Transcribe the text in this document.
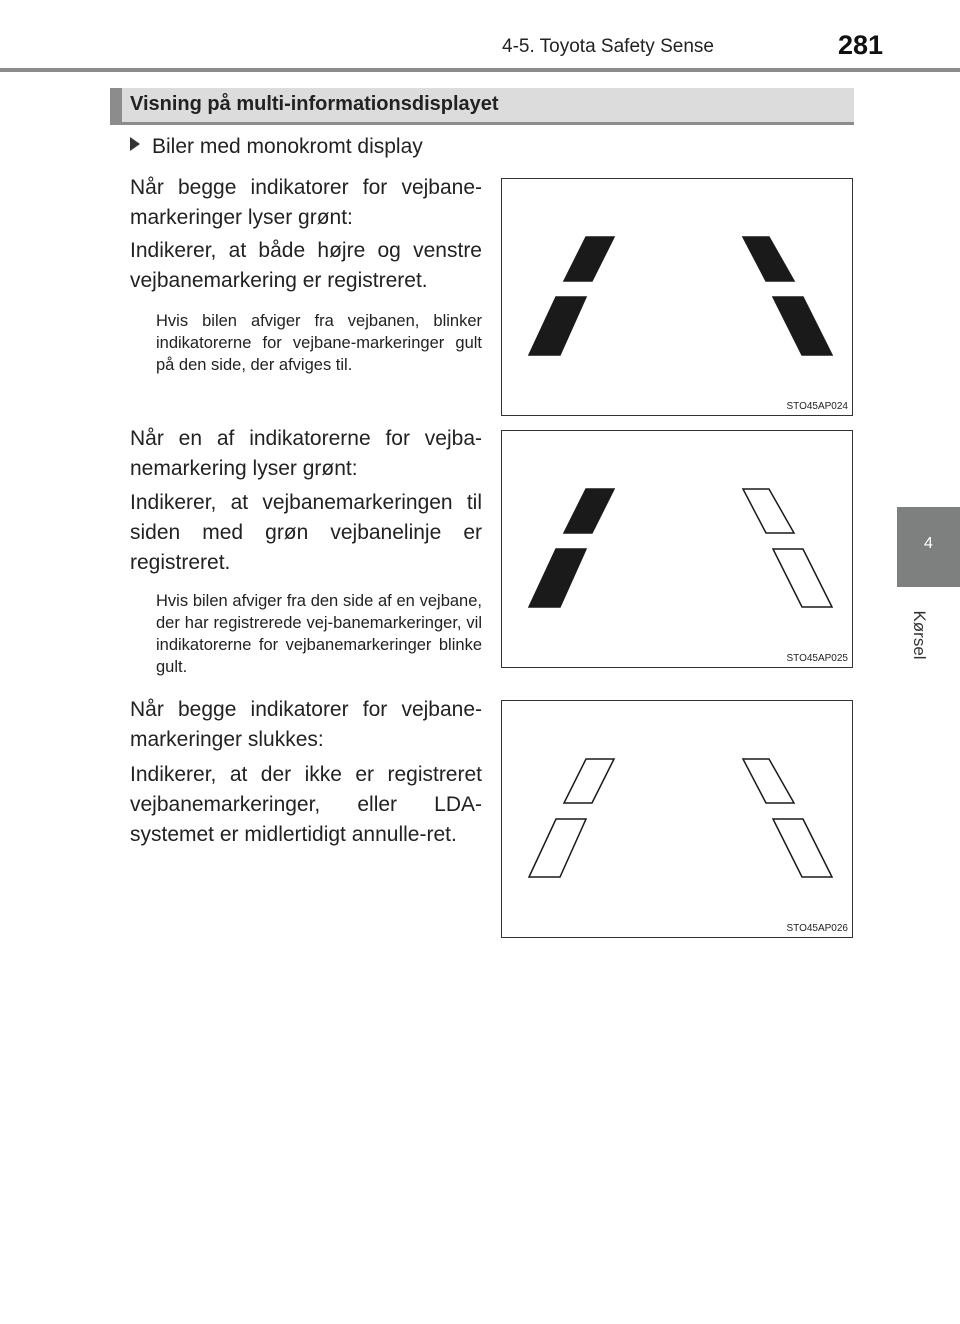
4-5. Toyota Safety Sense	281
4
Kørsel
Visning på multi-informationsdisplayet
Biler med monokromt display
Når begge indikatorer for vejbane-markeringer lyser grønt:
Indikerer, at både højre og venstre vejbanemarkering er registreret.
Hvis bilen afviger fra vejbanen, blinker indikatorerne for vejbane-markeringer gult på den side, der afviges til.
Når en af indikatorerne for vejba-nemarkering lyser grønt:
Indikerer, at vejbanemarkeringen til siden med grøn vejbanelinje er registreret.
Hvis bilen afviger fra den side af en vejbane, der har registrerede vej-banemarkeringer, vil indikatorerne for vejbanemarkeringer blinke gult.
Når begge indikatorer for vejbane-markeringer slukkes:
Indikerer, at der ikke er registreret vejbanemarkeringer, eller LDA-systemet er midlertidigt annulle-ret.
STO45AP024
STO45AP025
STO45AP026
